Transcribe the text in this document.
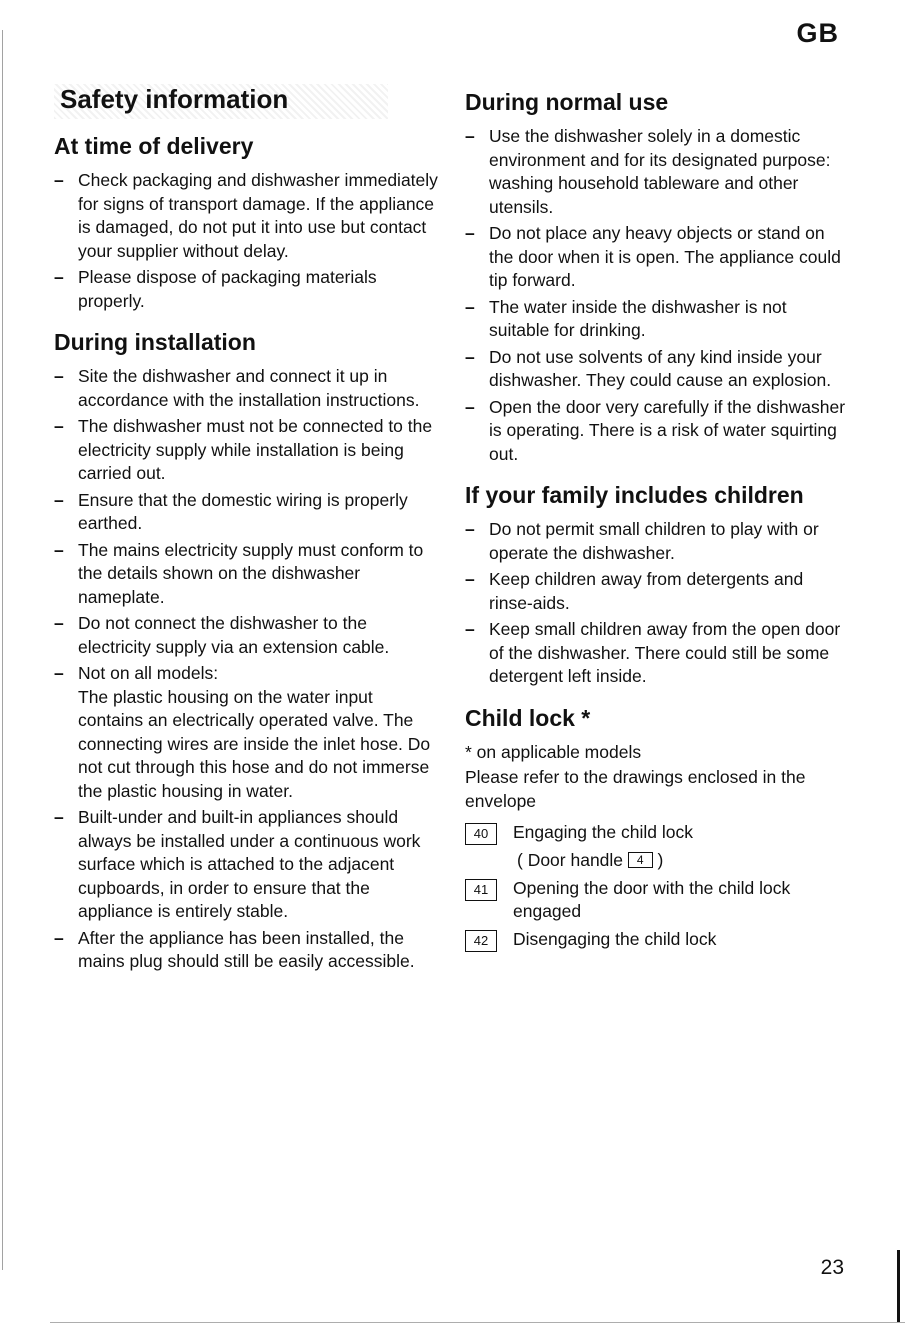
GB
Safety information
At time of delivery
– Check packaging and dishwasher immediately for signs of transport damage. If the appliance is damaged, do not put it into use but contact your supplier without delay.
– Please dispose of packaging materials properly.
During installation
– Site the dishwasher and connect it up in accordance with the installation instructions.
– The dishwasher must not be connected to the electricity supply while installation is being carried out.
– Ensure that the domestic wiring is properly earthed.
– The mains electricity supply must conform to the details shown on the dishwasher nameplate.
– Do not connect the dishwasher to the electricity supply via an extension cable.
– Not on all models:
The plastic housing on the water input contains an electrically operated valve. The connecting wires are inside the inlet hose. Do not cut through this hose and do not immerse the plastic housing in water.
– Built-under and built-in appliances should always be installed under a continuous work surface which is attached to the adjacent cupboards, in order to ensure that the appliance is entirely stable.
– After the appliance has been installed, the mains plug should still be easily accessible.
During normal use
– Use the dishwasher solely in a domestic environment and for its designated purpose: washing household tableware and other utensils.
– Do not place any heavy objects or stand on the door when it is open. The appliance could tip forward.
– The water inside the dishwasher is not suitable for drinking.
– Do not use solvents of any kind inside your dishwasher. They could cause an explosion.
– Open the door very carefully if the dishwasher is operating. There is a risk of water squirting out.
If your family includes children
– Do not permit small children to play with or operate the dishwasher.
– Keep children away from detergents and rinse-aids.
– Keep small children away from the open door of the dishwasher. There could still be some detergent left inside.
Child lock *

* on applicable models

Please refer to the drawings enclosed in the envelope

40	Engaging the child lock
( Door handle 4 )
41	Opening the door with the child lock engaged
42	Disengaging the child lock
23
